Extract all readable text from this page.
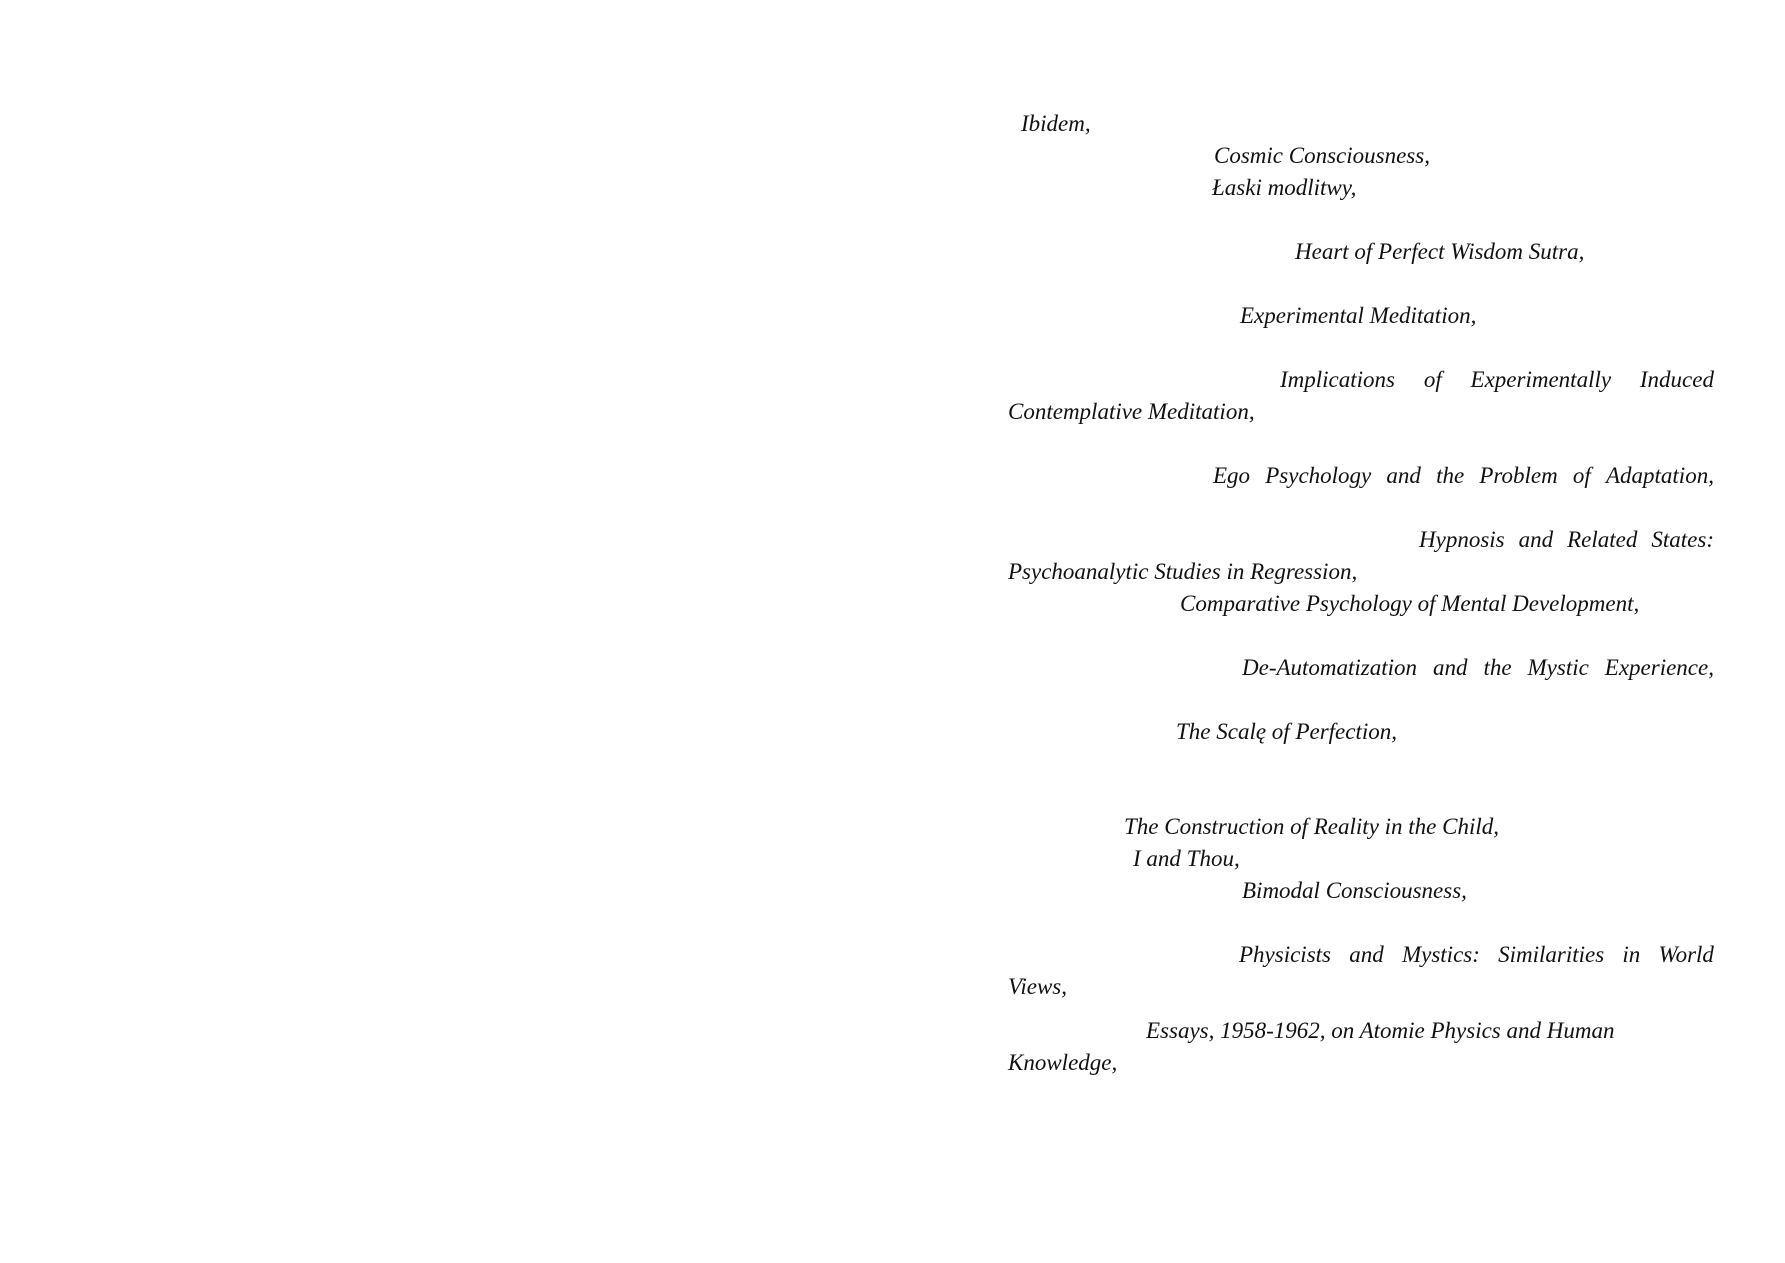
Ibidem,

Cosmic Consciousness,

Łaski modlitwy,

Heart of Perfect Wisdom Sutra,

Experimental Meditation,

Implications of Experimentally Induced

Contemplative Meditation,

Ego Psychology and the Problem of Adaptation,
Hypnosis and Related States:

Psychoanalytic Studies in Regression,

Comparative Psychology of Mental Development,

De-Automatization and the Mystic Experience,

The Scalę of Perfection,

The Construction of Reality in the Child,

I and Thou,

Bimodal Consciousness,

Physicists and Mystics: Similarities in World

Views,

Essays, 1958-1962, on Atomie Physics and Human

Knowledge,
